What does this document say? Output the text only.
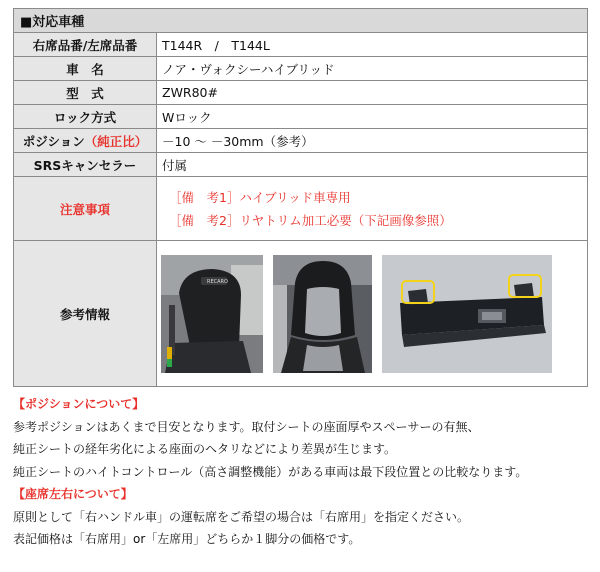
■対応車種	
右席品番/左席品番	T144R　/　T144L
車　名	ノア・ヴォクシーハイブリッド
型　式	ZWR80#
ロック方式	Wロック
ポジション（純正比）	－10 ～ －30mm（参考）
SRSキャンセラー	付属
注意事項	［備　考1］ハイブリッド車専用
［備　考2］リヤトリム加工必要（下記画像参照）

参考情報	RECARO
【ポジションについて】
参考ポジションはあくまで目安となります。取付シートの座面厚やスペーサーの有無、
純正シートの経年劣化による座面のヘタリなどにより差異が生じます。
純正シートのハイトコントロール（高さ調整機能）がある車両は最下段位置との比較なります。
【座席左右について】
原則として「右ハンドル車」の運転席をご希望の場合は「右席用」を指定ください。
表記価格は「右席用」or「左席用」どちらか１脚分の価格です。
